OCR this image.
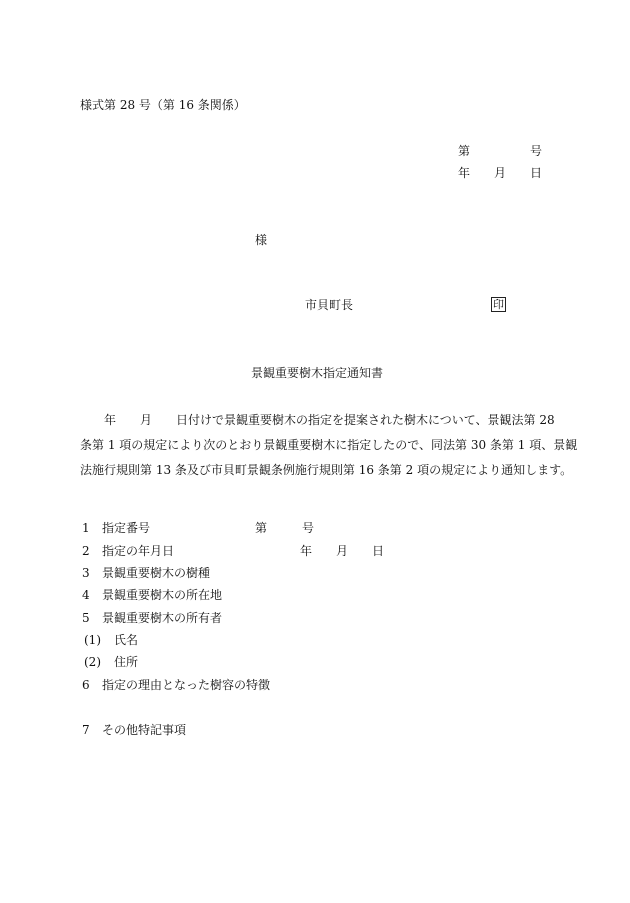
様式第 28 号（第 16 条関係）
第	号
年 月 日
様
市貝町長	印
景観重要樹木指定通知書
　　年　　月　　日付けで景観重要樹木の指定を提案された樹木について、景観法第 28
条第 1 項の規定により次のとおり景観重要樹木に指定したので、同法第 30 条第 1 項、景観
法施行規則第 13 条及び市貝町景観条例施行規則第 16 条第 2 項の規定により通知します。
1 指定番号	第	号
2 指定の年月日	年 月 日
3 景観重要樹木の樹種
4 景観重要樹木の所在地
5 景観重要樹木の所有者
(1) 氏名
(2) 住所
6 指定の理由となった樹容の特徴
7 その他特記事項
